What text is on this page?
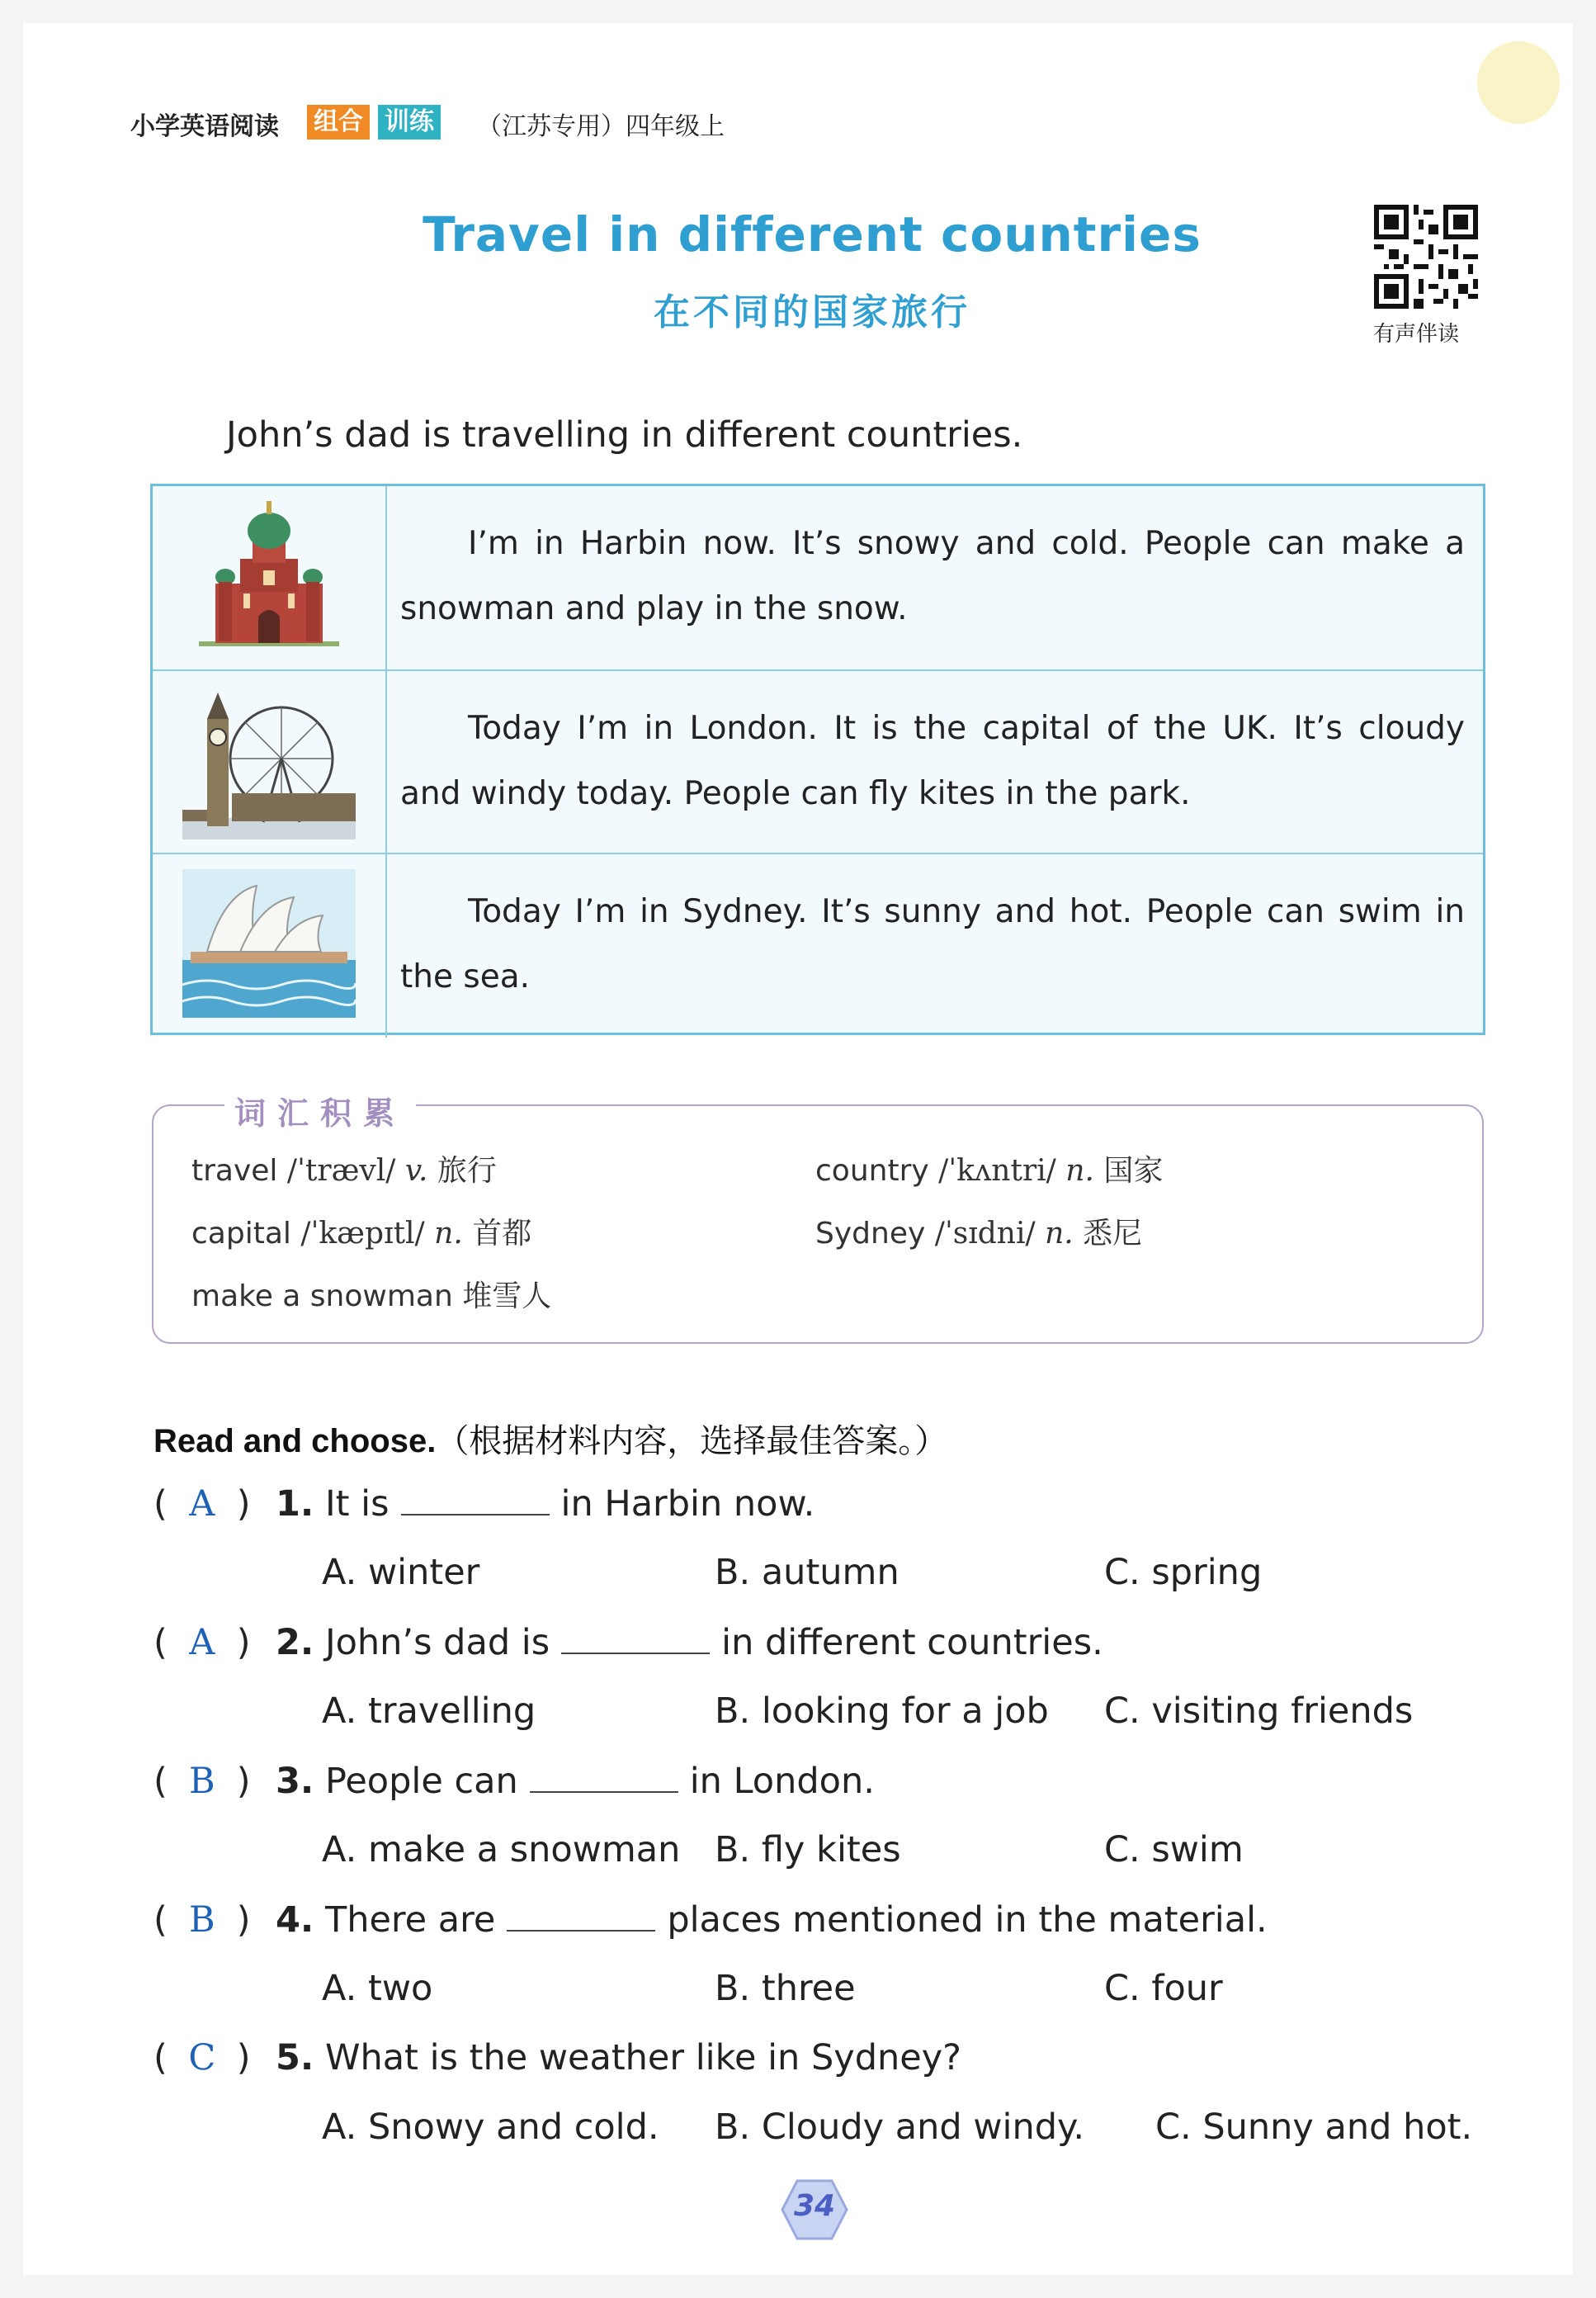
小学英语阅读 组合 训练 （江苏专用）四年级上
Travel in different countries
在不同的国家旅行
有声伴读
John’s dad is travelling in different countries.
I’m in Harbin now. It’s snowy and cold. People can make a snowman and play in the snow.
Today I’m in London. It is the capital of the UK. It’s cloudy and windy today. People can fly kites in the park.
Today I’m in Sydney. It’s sunny and hot. People can swim in the sea.
词汇积累
travel /ˈtrævl/ v. 旅行	country /ˈkʌntri/ n. 国家
capital /ˈkæpɪtl/ n. 首都	Sydney /ˈsɪdni/ n. 悉尼
make a snowman 堆雪人
Read and choose.（根据材料内容，选择最佳答案。）
( A ) 1. It is	in Harbin now.
A. winter	B. autumn	C. spring
( A ) 2. John’s dad is	in different countries.
A. travelling	B. looking for a job C. visiting friends
( B ) 3. People can	in London.
A. make a snowman B. fly kites	C. swim
( B ) 4. There are	places mentioned in the material.
A. two	B. three	C. four
( C ) 5. What is the weather like in Sydney?
A. Snowy and cold. B. Cloudy and windy. C. Sunny and hot.
34
